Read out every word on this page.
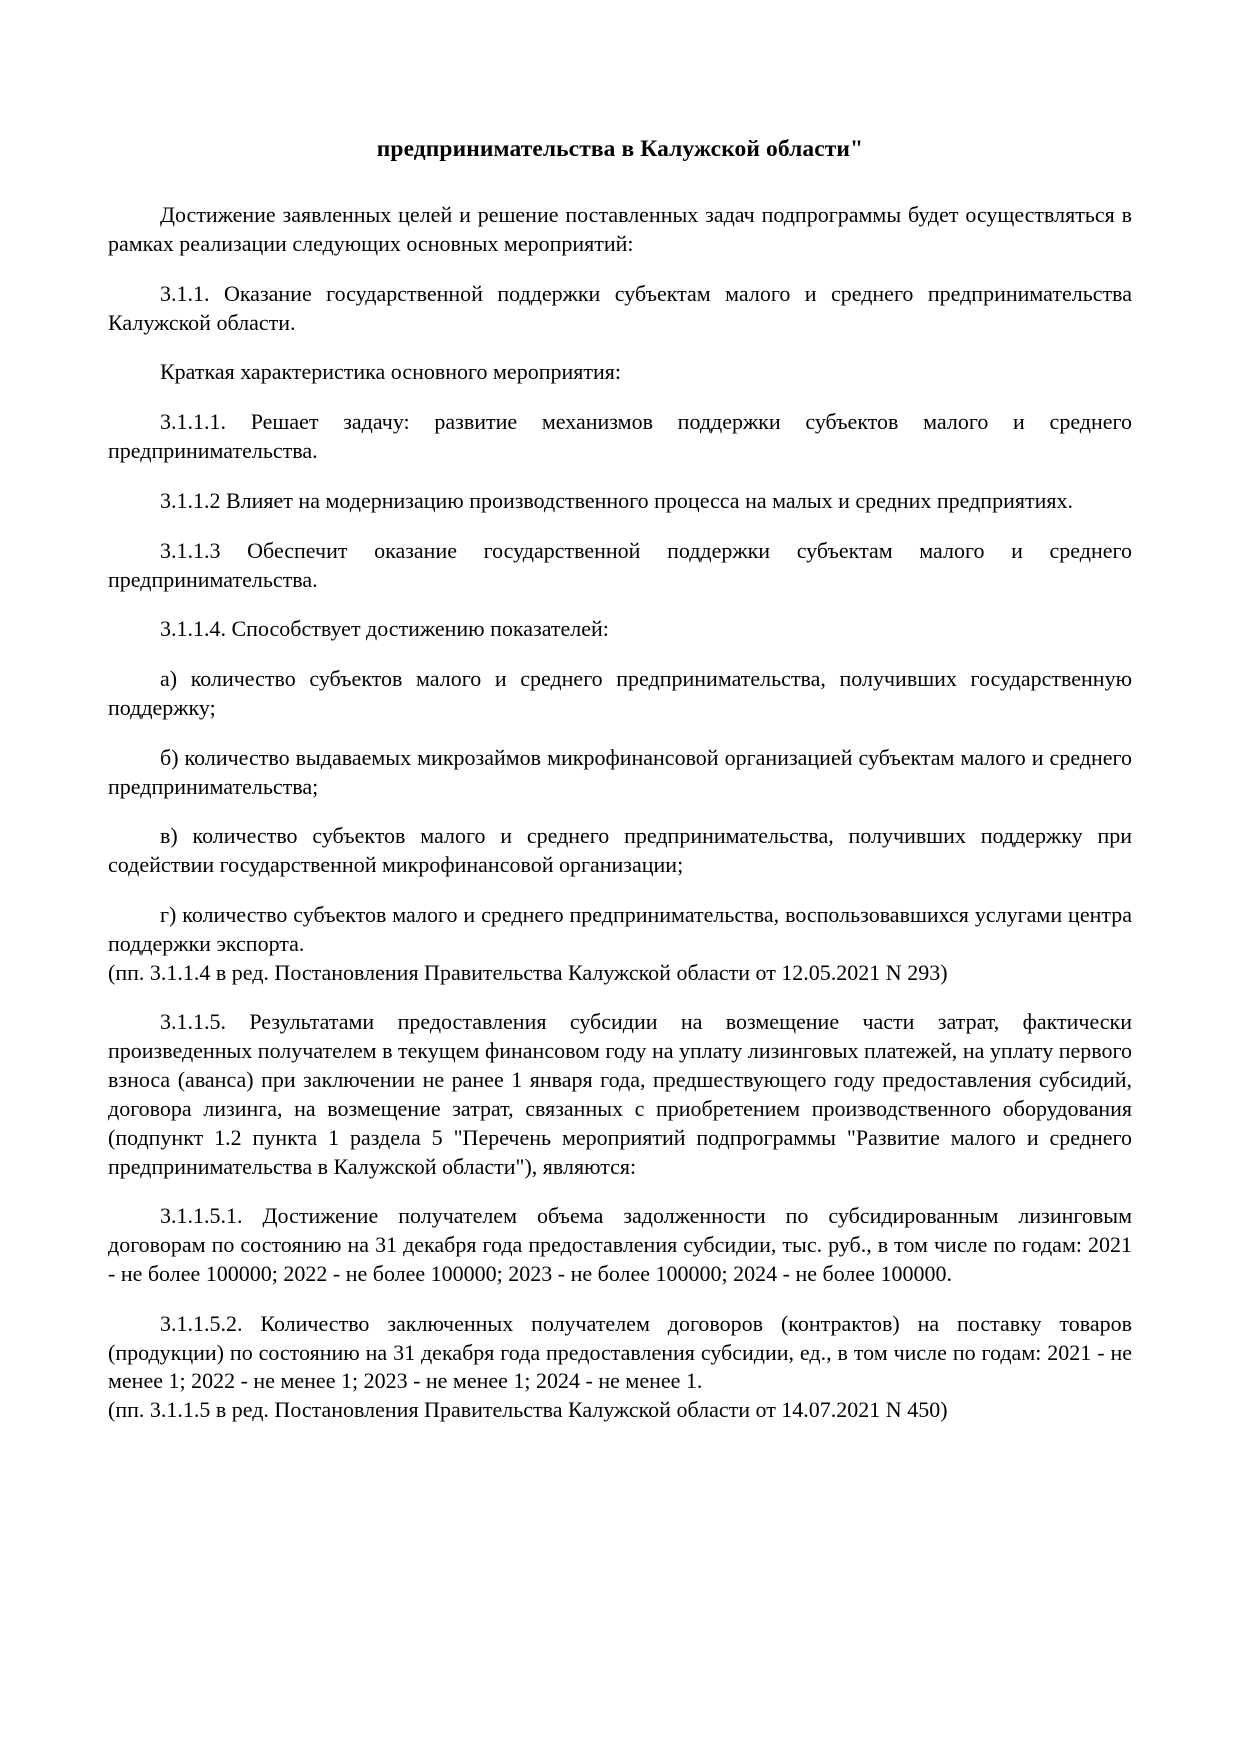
предпринимательства в Калужской области"

Достижение заявленных целей и решение поставленных задач подпрограммы будет осуществляться в рамках реализации следующих основных мероприятий:

3.1.1. Оказание государственной поддержки субъектам малого и среднего предпринимательства Калужской области.

Краткая характеристика основного мероприятия:

3.1.1.1. Решает задачу: развитие механизмов поддержки субъектов малого и среднего предпринимательства.

3.1.1.2 Влияет на модернизацию производственного процесса на малых и средних предприятиях.

3.1.1.3 Обеспечит оказание государственной поддержки субъектам малого и среднего предпринимательства.

3.1.1.4. Способствует достижению показателей:

а) количество субъектов малого и среднего предпринимательства, получивших государственную поддержку;

б) количество выдаваемых микрозаймов микрофинансовой организацией субъектам малого и среднего предпринимательства;

в) количество субъектов малого и среднего предпринимательства, получивших поддержку при содействии государственной микрофинансовой организации;

г) количество субъектов малого и среднего предпринимательства, воспользовавшихся услугами центра поддержки экспорта.

(пп. 3.1.1.4 в ред. Постановления Правительства Калужской области от 12.05.2021 N 293)

3.1.1.5. Результатами предоставления субсидии на возмещение части затрат, фактически произведенных получателем в текущем финансовом году на уплату лизинговых платежей, на уплату первого взноса (аванса) при заключении не ранее 1 января года, предшествующего году предоставления субсидий, договора лизинга, на возмещение затрат, связанных с приобретением производственного оборудования (подпункт 1.2 пункта 1 раздела 5 "Перечень мероприятий подпрограммы "Развитие малого и среднего предпринимательства в Калужской области"), являются:

3.1.1.5.1. Достижение получателем объема задолженности по субсидированным лизинговым договорам по состоянию на 31 декабря года предоставления субсидии, тыс. руб., в том числе по годам: 2021 - не более 100000; 2022 - не более 100000; 2023 - не более 100000; 2024 - не более 100000.

3.1.1.5.2. Количество заключенных получателем договоров (контрактов) на поставку товаров (продукции) по состоянию на 31 декабря года предоставления субсидии, ед., в том числе по годам: 2021 - не менее 1; 2022 - не менее 1; 2023 - не менее 1; 2024 - не менее 1.

(пп. 3.1.1.5 в ред. Постановления Правительства Калужской области от 14.07.2021 N 450)
